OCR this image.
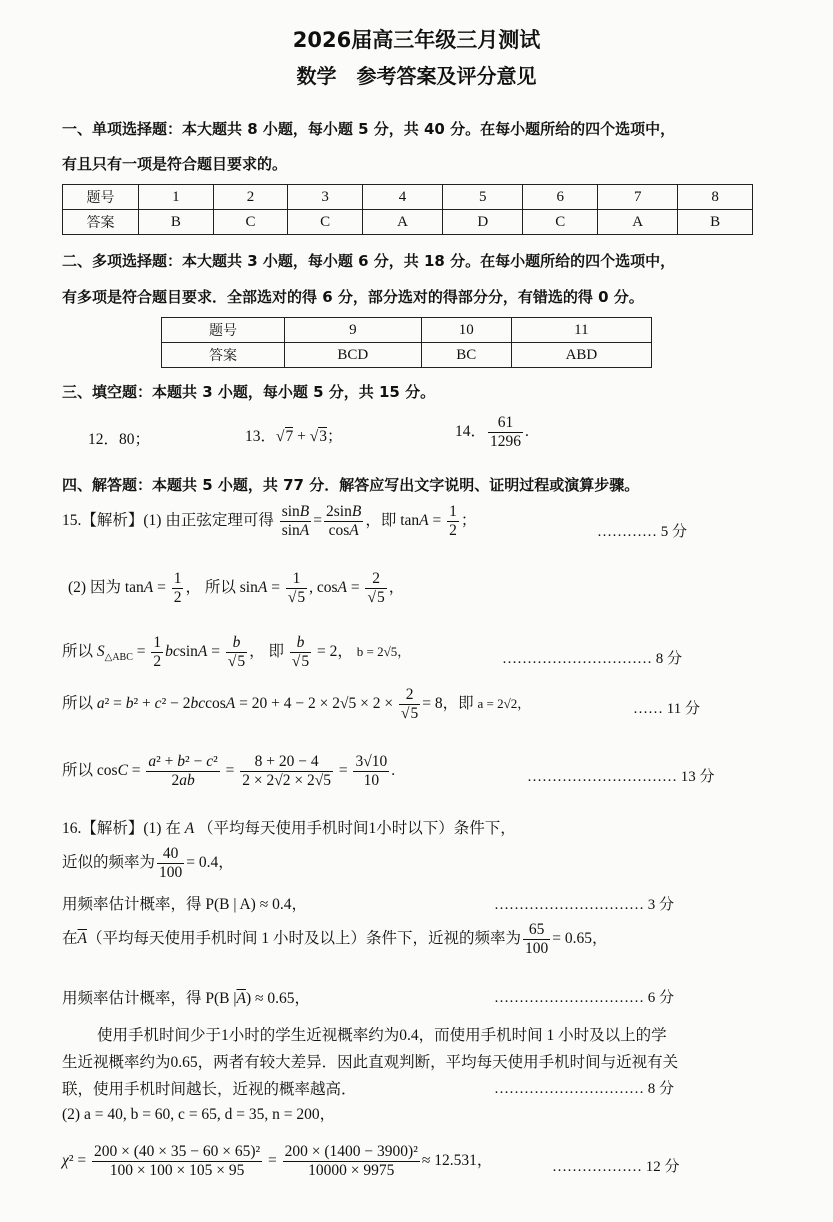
2026届高三年级三月测试
数学　参考答案及评分意见
一、单项选择题：本大题共 8 小题，每小题 5 分，共 40 分。在每小题所给的四个选项中，
有且只有一项是符合题目要求的。
题号	1	2	3	4	5	6	7	8
答案	B	C	C	A	D	C	A	B
二、多项选择题：本大题共 3 小题，每小题 6 分，共 18 分。在每小题所给的四个选项中，
有多项是符合题目要求．全部选对的得 6 分，部分选对的得部分分，有错选的得 0 分。
题号	9	10	11
答案	BCD	BC	ABD
三、填空题：本题共 3 小题，每小题 5 分，共 15 分。
12．80；	13．√7 + √3；	14． $\frac{61}{1296}$ .
四、解答题：本题共 5 小题，共 77 分．解答应写出文字说明、证明过程或演算步骤。
15.【解析】(1) 由正弦定理可得 $\frac{\sin B}{\sin A} = \frac{2\sin B}{\cos A}$ ，即 $\tan A = \frac{1}{2}$ ；
………… 5 分
(2) 因为 $\tan A = \frac{1}{2}$ ， 所以 $\sin A = \frac{1}{√5}$ , $\cos A = \frac{2}{√5}$ ，
所以 $S_{\triangle ABC} = \frac{1}{2}$ $bcsinA = \frac{b}{√5}$ ， 即 $\frac{b}{√5} = 2$， b = 2√5，	………………………… 8 分
所以 $a^2 = b^2 + c^2 - 2bccosA = 20 + 4 - 2 \times 2√5 \times 2 \times \frac{2}{√5} = 8$，即 a = 2√2，	…… 11 分
所以 $\cos C = \frac{\text{a² + b² − c²}}{2ab} = \frac{8 + 20 - 4}{2 \times 2√2 \times 2√5} = \frac{3√10}{10}$ .	………………………… 13 分
16.【解析】(1) 在 A （平均每天使用手机时间1小时以下）条件下，
近似的频率为 $\frac{40}{100} = 0.4$，
用频率估计概率，得 P(B | A) ≈ 0.4，	………………………… 3 分
在$\overline{A}$（平均每天使用手机时间 1 小时及以上）条件下，近视的频率为 $\frac{65}{100} = 0.65$，
用频率估计概率，得 P(B $|\overline{A}) \approx 0.65$，	………………………… 6 分
使用手机时间少于1小时的学生近视概率约为0.4，而使用手机时间 1 小时及以上的学
生近视概率约为0.65，两者有较大差异．因此直观判断，平均每天使用手机时间与近视有关
联，使用手机时间越长，近视的概率越高．	………………………… 8 分
(2) a = 40, b = 60, c = 65, d = 35, n = 200，
$\chi^2 = \frac{\text{200 × (40 × 35 − 60 × 65)²}}{100 \times 100 \times 105 \times 95} = \frac{\text{200 × (1400 − 3900)²}}{10000 \times 9975} \approx 12.531$，	……………… 12 分
